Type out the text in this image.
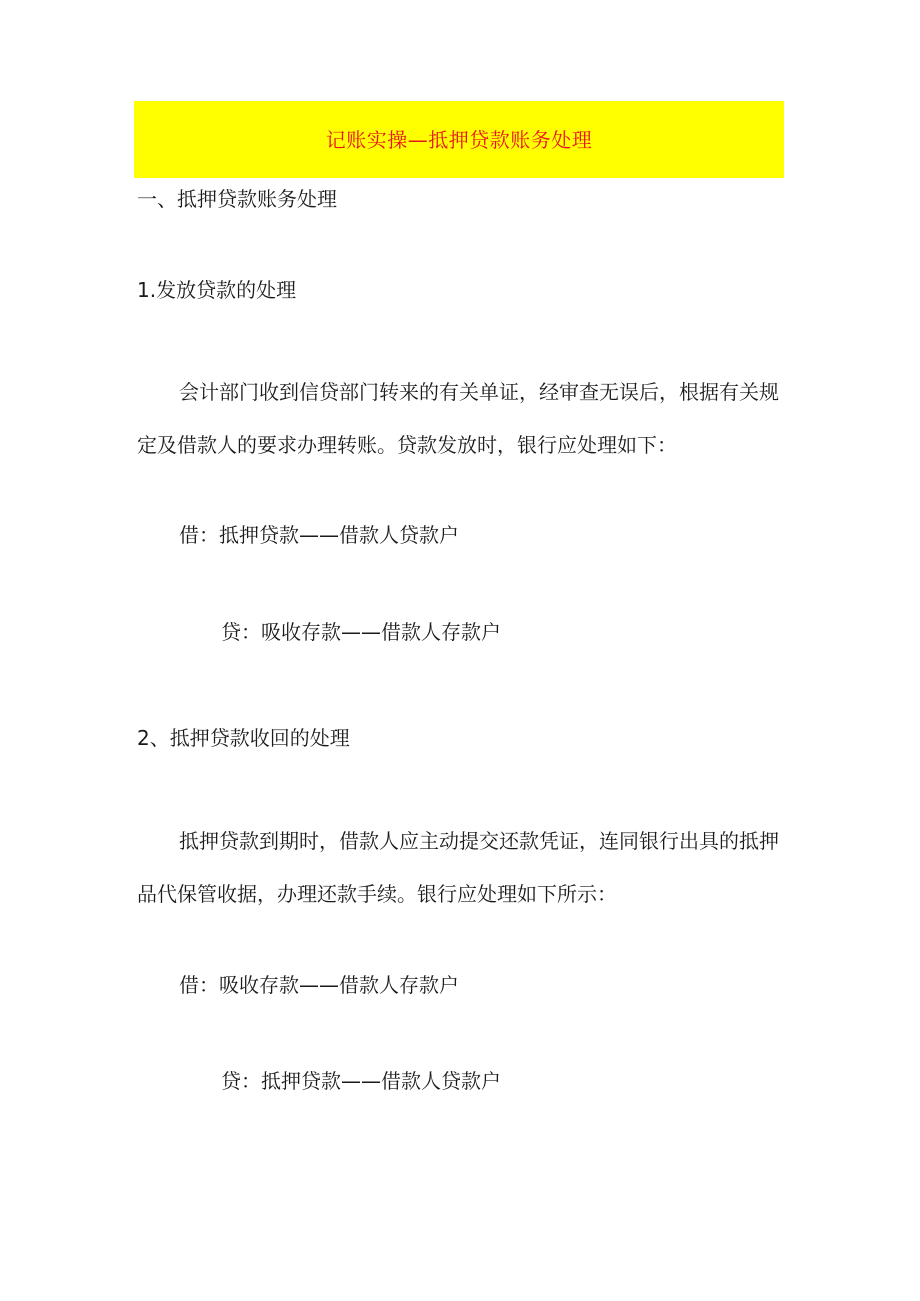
记账实操—抵押贷款账务处理
一、抵押贷款账务处理
1.发放贷款的处理

会计部门收到信贷部门转来的有关单证，经审查无误后，根据有关规定及借款人的要求办理转账。贷款发放时，银行应处理如下：

借：抵押贷款——借款人贷款户
贷：吸收存款——借款人存款户
2、抵押贷款收回的处理

抵押贷款到期时，借款人应主动提交还款凭证，连同银行出具的抵押品代保管收据，办理还款手续。银行应处理如下所示：

借：吸收存款——借款人存款户
贷：抵押贷款——借款人贷款户
